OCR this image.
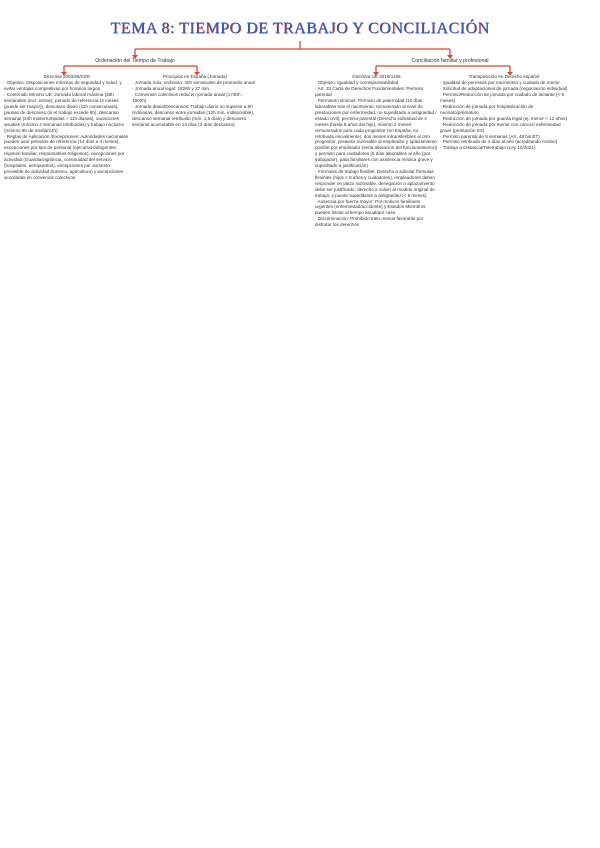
TEMA 8: TIEMPO DE TRABAJO Y CONCILIACIÓN
Ordenación del Tiempo de Trabajo	Conciliación familiar y profesional
Directiva 2003/88/CEE

· Objetivo: Disposiciones mínimas de seguridad y salud, y evitar ventajas competitivas por horarios largos

· Contenido Mínimo UE: Jornada laboral máxima (48h semanales (incl. extras), periodo de referencia (4 meses (puede ser mayor)), descanso diario (11h consecutivas), pausas de descanso (si el trabajo excede 6h), descanso semanal (24h ininterrumpidas + 11h diarias), vacaciones anuales (mínimo 4 semanas retribuidas) y trabajo nocturno (mínimo 8h de media/24h)

· Reglas de Aplicación /Excepciones: Autoridades nacionales pueden usar periodos de referencia (14 días a 4 meses), excepciones por tipo de personal (ejecutivos/dirigentes, régimen familiar, responsables religiosos), excepciones por actividad (Guardia/vigilancia, continuidad del servicio (hospitales, aeropuertos), excepciones por aumento previsible de actividad (turismo, agricultura) y excepciones acordadas en convenios colectivos

Principios en España (Jornada)

· Jornada máx. ordinaria: 40h semanales de promedio anual

· Jornada anual legal: 1826h y 27 min.

· Convenios colectivos reducen jornada anual (1730h - 1800h)

· Jornada diaria/Descansos: Trabajo diario no superior a 9h ordinarias, descanso entre jornadas (12h mín. indisponible), descanso semanal retribuido (mín. 1,5 días) y descanso semanal acumulable en 14 días (3 días descanso)

Directiva UE 2019/1158

· Objetivo: Igualdad y corresponsabilidad

· Art. 33 Carta de Derechos Fundamentales: Permiso parental

· Permisos mínimos: Permiso de paternidad (10 días laborables tras el nacimiento, remunerado al nivel de prestaciones por enfermedad, no supeditado a antigüedad / estado civil), permiso parental (Derecho individual de 4 meses (hasta 8 años del hijo), mínimo 2 meses remunerados para cada progenitor (en España, no retribuido inicialmente), dos meses intransferibles al otro progenitor, preaviso razonable al empleador y aplazamiento posible por empleador (seria alteración del funcionamiento)) y permiso para cuidadores (5 días laborables al año (por trabajador), para familiares con asistencia médica grave y supeditado a justificación)

· Fórmulas de trabajo flexible: Derecho a solicitar fórmulas flexibles (hijos < 8 años y cuidadores), empleadores deben responder en plazo razonable, denegación o aplazamiento debe ser justificado, derecho a volver al modelo original de trabajo, y puede supeditarse a antigüedad (< 6 meses)

· Ausencia por fuerza mayor: Por motivos familiares urgentes (enfermedad/accidente) y Estados Miembros pueden limitar al tiempo anual/por caso

· Discriminación: Prohibido trato menos favorable por disfrutar los derechos

Transposición en Derecho español

· Igualdad de permisos por nacimiento y cuidado de menor

· Solicitud de adaptaciones de jornada (negociación individual)

· Permiso/Reducción de jornada por cuidado de lactante (< 9 meses)

· Reducción de jornada por hospitalización de neonato/prematuro

· Reducción de jornada por guarda legal (ej. menor < 12 años)

· Reducción de jornada por menor con cáncer/ enfermedad grave (prestación SS)

· Permiso parental de 8 semanas (Art. 48 bis ET)

· Permiso retribuido de 4 días al año (acreditando motivo)

· Trabajo a Distancia/Teletrabajo (Ley 10/2021)
